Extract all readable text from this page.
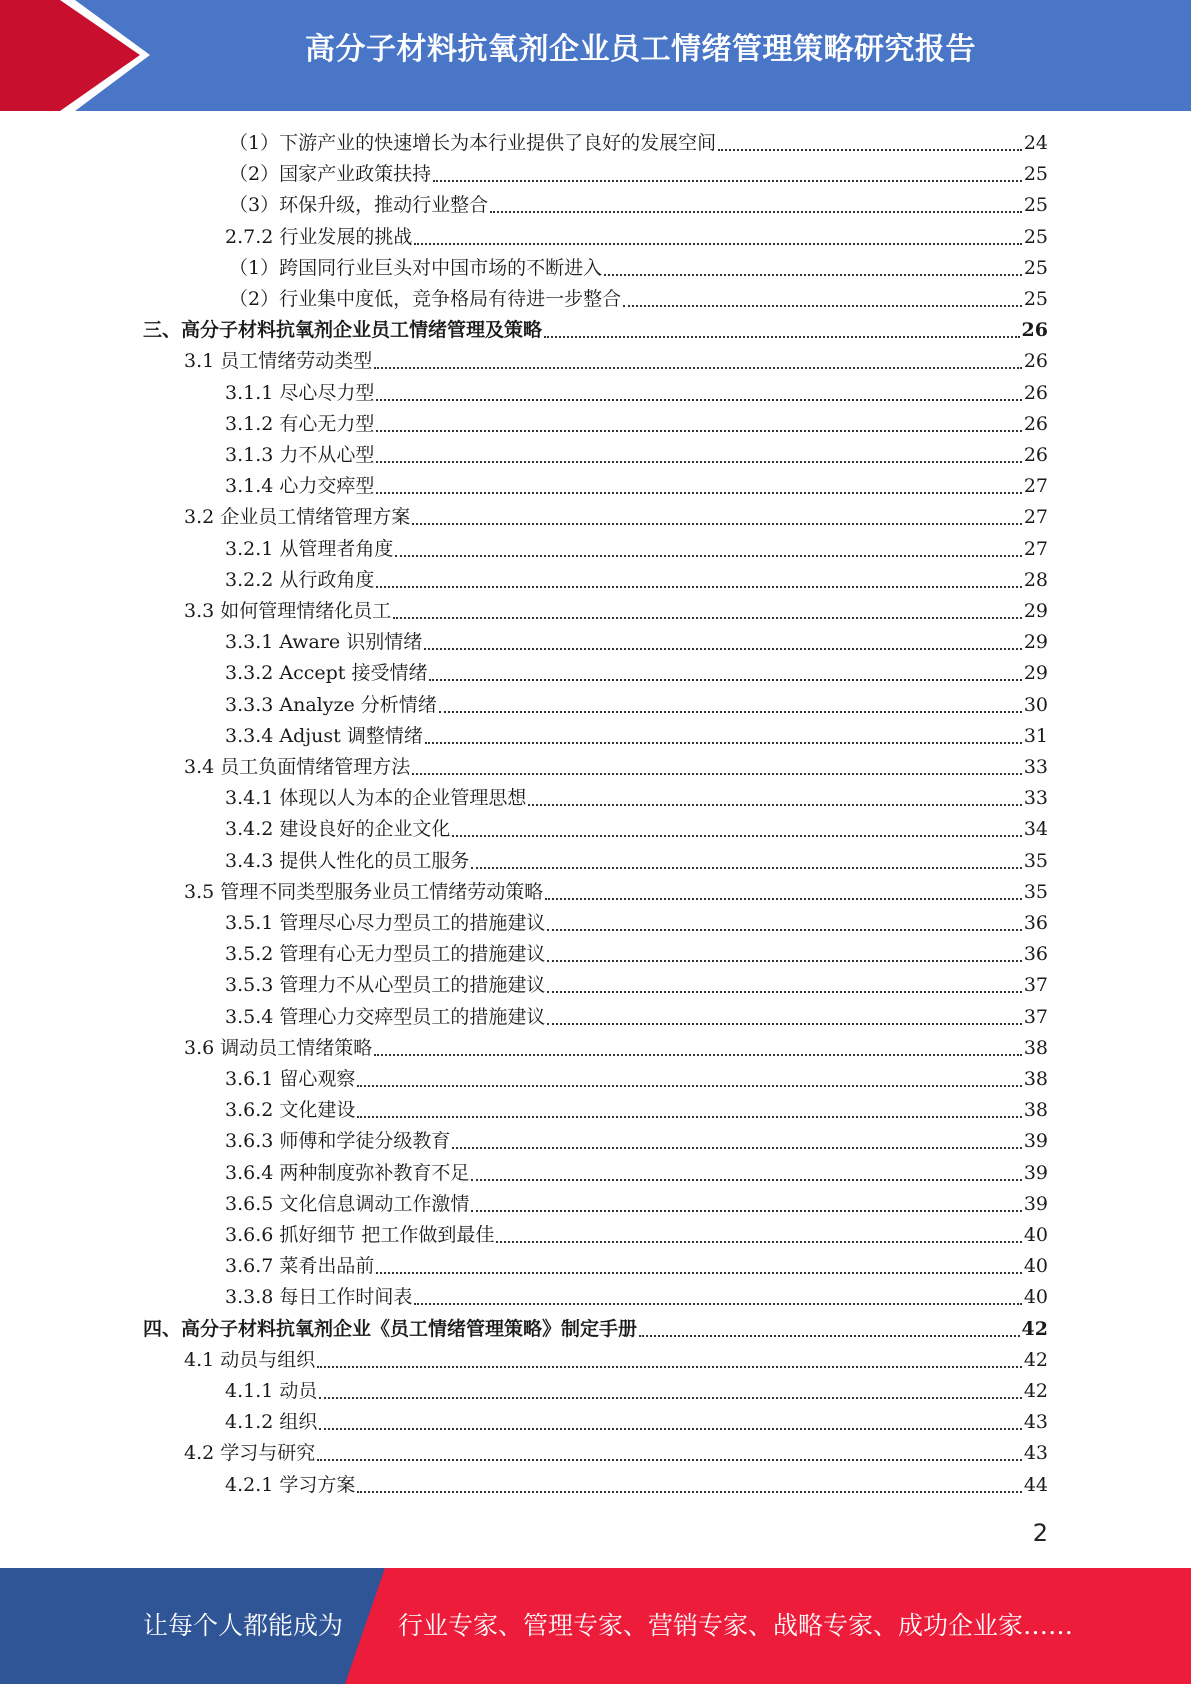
高分子材料抗氧剂企业员工情绪管理策略研究报告
（1）下游产业的快速增长为本行业提供了良好的发展空间	24
（2）国家产业政策扶持	25
（3）环保升级，推动行业整合	25
2.7.2 行业发展的挑战	25
（1）跨国同行业巨头对中国市场的不断进入	25
（2）行业集中度低，竞争格局有待进一步整合	25
三、高分子材料抗氧剂企业员工情绪管理及策略	26
3.1 员工情绪劳动类型	26
3.1.1 尽心尽力型	26
3.1.2 有心无力型	26
3.1.3 力不从心型	26
3.1.4 心力交瘁型	27
3.2 企业员工情绪管理方案	27
3.2.1 从管理者角度	27
3.2.2 从行政角度	28
3.3 如何管理情绪化员工	29
3.3.1 Aware 识别情绪	29
3.3.2 Accept 接受情绪	29
3.3.3 Analyze 分析情绪	30
3.3.4 Adjust 调整情绪	31
3.4 员工负面情绪管理方法	33
3.4.1 体现以人为本的企业管理思想	33
3.4.2 建设良好的企业文化	34
3.4.3 提供人性化的员工服务	35
3.5 管理不同类型服务业员工情绪劳动策略	35
3.5.1 管理尽心尽力型员工的措施建议	36
3.5.2 管理有心无力型员工的措施建议	36
3.5.3 管理力不从心型员工的措施建议	37
3.5.4 管理心力交瘁型员工的措施建议	37
3.6 调动员工情绪策略	38
3.6.1 留心观察	38
3.6.2 文化建设	38
3.6.3 师傅和学徒分级教育	39
3.6.4 两种制度弥补教育不足	39
3.6.5 文化信息调动工作激情	39
3.6.6 抓好细节 把工作做到最佳	40
3.6.7 菜肴出品前	40
3.3.8 每日工作时间表	40
四、高分子材料抗氧剂企业《员工情绪管理策略》制定手册	42
4.1 动员与组织	42
4.1.1 动员	42
4.1.2 组织	43
4.2 学习与研究	43
4.2.1 学习方案	44
2
让每个人都能成为 行业专家、管理专家、营销专家、战略专家、成功企业家……
